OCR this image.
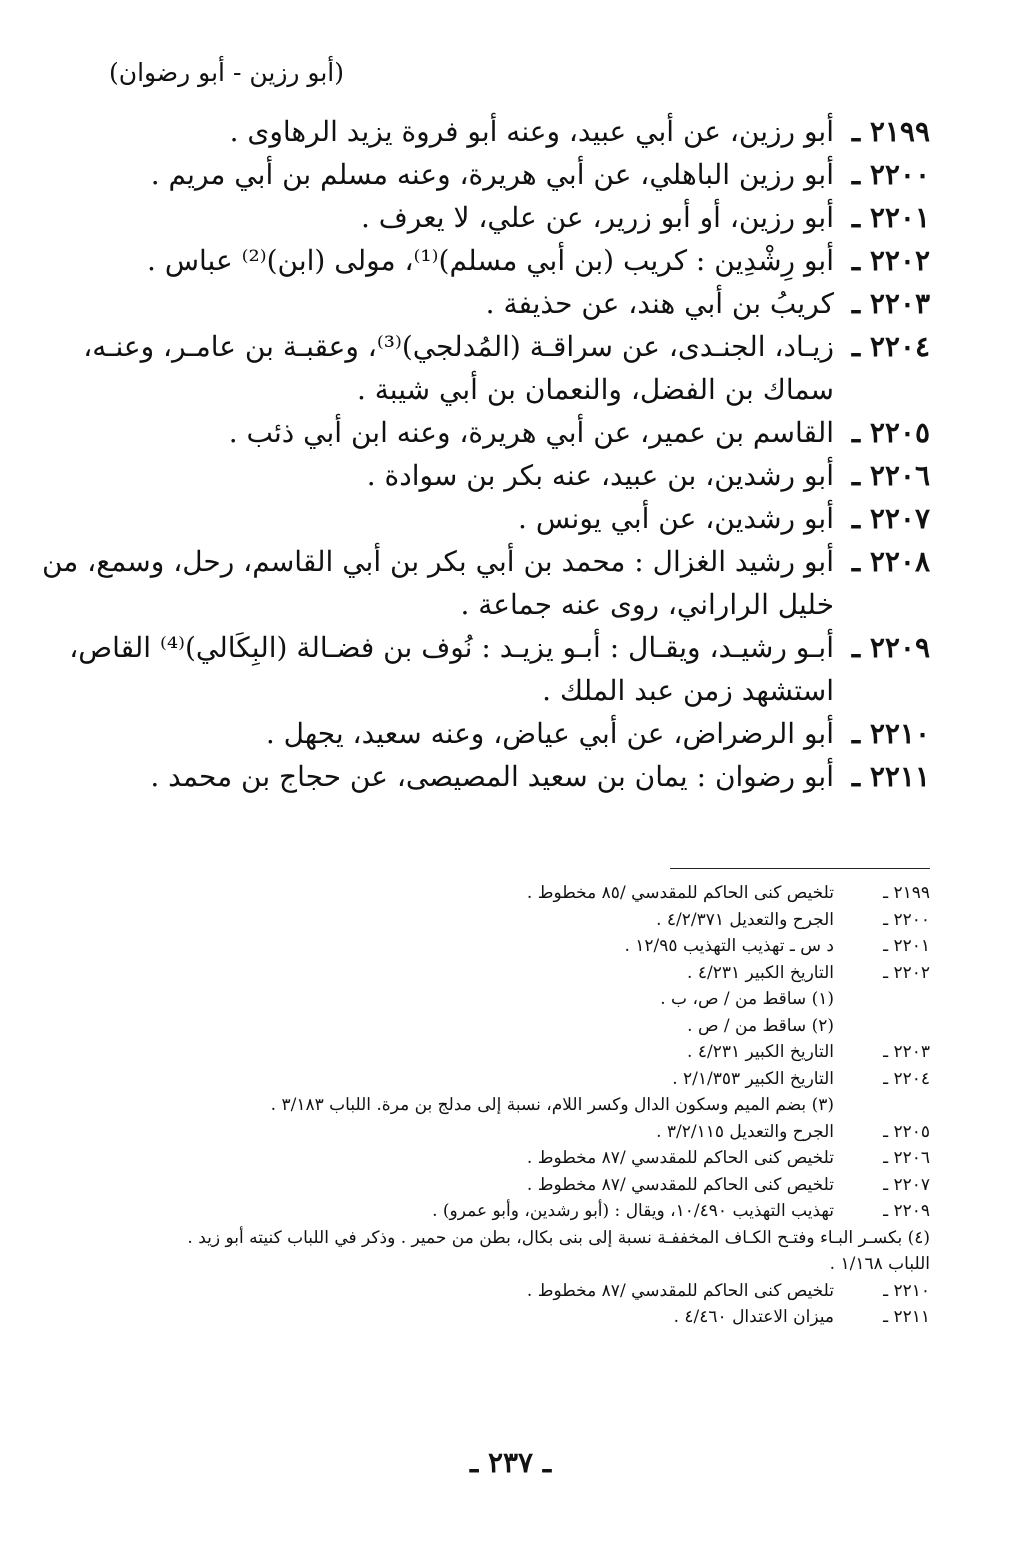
(أبو رزين - أبو رضوان)
٢١٩٩ ـ
أبو رزين، عن أبي عبيد، وعنه أبو فروة يزيد الرهاوى .
٢٢٠٠ ـ
أبو رزين الباهلي، عن أبي هريرة، وعنه مسلم بن أبي مريم .
٢٢٠١ ـ
أبو رزين، أو أبو زرير، عن علي، لا يعرف .
٢٢٠٢ ـ
أبو رِشْدِين : كريب (بن أبي مسلم)⁽¹⁾، مولى (ابن)⁽²⁾ عباس .
٢٢٠٣ ـ
كريبُ بن أبي هند، عن حذيفة .
٢٢٠٤ ـ
زيـاد، الجنـدى، عن سراقـة (المُدلجي)⁽³⁾، وعقبـة بن عامـر، وعنـه،
سماك بن الفضل، والنعمان بن أبي شيبة .
٢٢٠٥ ـ
القاسم بن عمير، عن أبي هريرة، وعنه ابن أبي ذئب .
٢٢٠٦ ـ
أبو رشدين، بن عبيد، عنه بكر بن سوادة .
٢٢٠٧ ـ
أبو رشدين، عن أبي يونس .
٢٢٠٨ ـ
أبو رشيد الغزال : محمد بن أبي بكر بن أبي القاسم، رحل، وسمع، من
خليل الراراني، روى عنه جماعة .
٢٢٠٩ ـ
أبـو رشيـد، ويقـال : أبـو يزيـد : نُوف بن فضـالة (البِكَالي)⁽⁴⁾ القاص،
استشهد زمن عبد الملك .
٢٢١٠ ـ
أبو الرضراض، عن أبي عياض، وعنه سعيد، يجهل .
٢٢١١ ـ
أبو رضوان : يمان بن سعيد المصيصى، عن حجاج بن محمد .
٢١٩٩ ـ
تلخيص كنى الحاكم للمقدسي /٨٥ مخطوط .
٢٢٠٠ ـ
الجرح والتعديل ٤/٢/٣٧١ .
٢٢٠١ ـ
د س ـ تهذيب التهذيب ١٢/٩٥ .
٢٢٠٢ ـ
التاريخ الكبير ٤/٢٣١ .
(١) ساقط من / ص، ب .
(٢) ساقط من / ص .
٢٢٠٣ ـ
التاريخ الكبير ٤/٢٣١ .
٢٢٠٤ ـ
التاريخ الكبير ٢/١/٣٥٣ .
(٣) بضم الميم وسكون الدال وكسر اللام، نسبة إلى مدلج بن مرة. اللباب ٣/١٨٣ .
٢٢٠٥ ـ
الجرح والتعديل ٣/٢/١١٥ .
٢٢٠٦ ـ
تلخيص كنى الحاكم للمقدسي /٨٧ مخطوط .
٢٢٠٧ ـ
تلخيص كنى الحاكم للمقدسي /٨٧ مخطوط .
٢٢٠٩ ـ
تهذيب التهذيب ١٠/٤٩٠، ويقال : (أبو رشدين، وأبو عمرو) .
(٤) بكسـر البـاء وفتـح الكـاف المخففـة نسبة إلى بنى بكال، بطن من حمير . وذكر في اللباب كنيته أبو زيد .
اللباب ١/١٦٨ .
٢٢١٠ ـ
تلخيص كنى الحاكم للمقدسي /٨٧ مخطوط .
٢٢١١ ـ
ميزان الاعتدال ٤/٤٦٠ .
ـ ٢٣٧ ـ
